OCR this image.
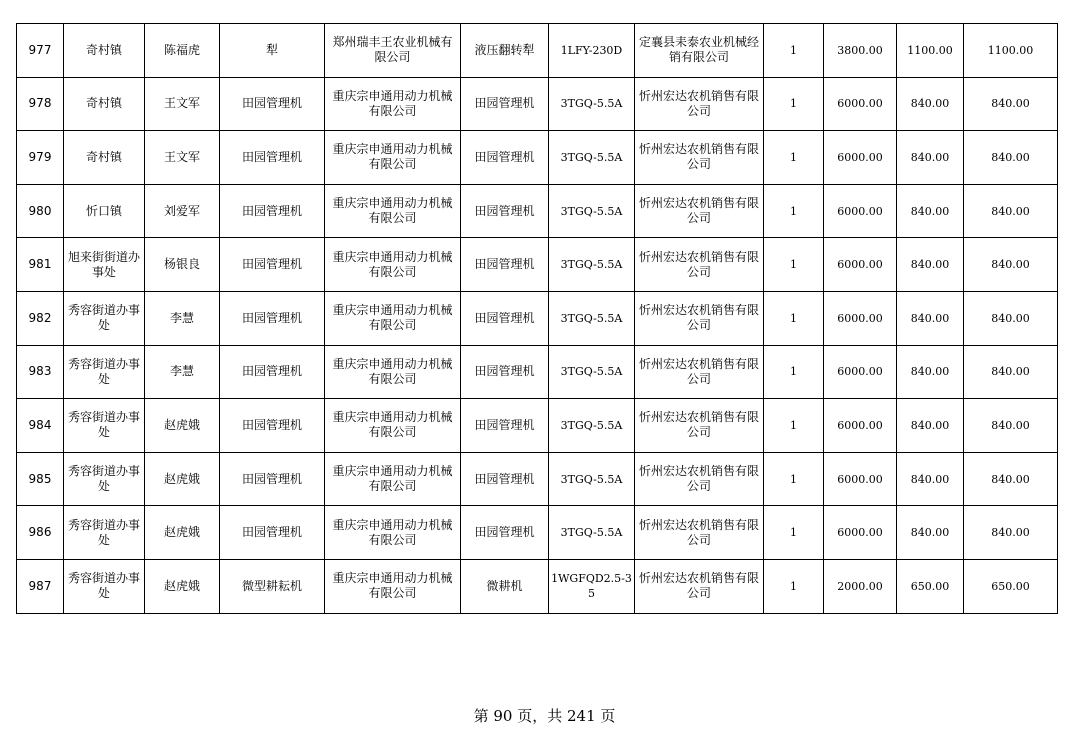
977	奇村镇	陈福虎	犁	郑州瑞丰王农业机械有限公司	液压翻转犁	1LFY-230D	定襄县耒泰农业机械经销有限公司	1	3800.00	1100.00	1100.00
978	奇村镇	王文军	田园管理机	重庆宗申通用动力机械有限公司	田园管理机	3TGQ-5.5A	忻州宏达农机销售有限公司	1	6000.00	840.00	840.00
979	奇村镇	王文军	田园管理机	重庆宗申通用动力机械有限公司	田园管理机	3TGQ-5.5A	忻州宏达农机销售有限公司	1	6000.00	840.00	840.00
980	忻口镇	刘爱军	田园管理机	重庆宗申通用动力机械有限公司	田园管理机	3TGQ-5.5A	忻州宏达农机销售有限公司	1	6000.00	840.00	840.00
981	旭来街街道办事处	杨银良	田园管理机	重庆宗申通用动力机械有限公司	田园管理机	3TGQ-5.5A	忻州宏达农机销售有限公司	1	6000.00	840.00	840.00
982	秀容街道办事处	李慧	田园管理机	重庆宗申通用动力机械有限公司	田园管理机	3TGQ-5.5A	忻州宏达农机销售有限公司	1	6000.00	840.00	840.00
983	秀容街道办事处	李慧	田园管理机	重庆宗申通用动力机械有限公司	田园管理机	3TGQ-5.5A	忻州宏达农机销售有限公司	1	6000.00	840.00	840.00
984	秀容街道办事处	赵虎娥	田园管理机	重庆宗申通用动力机械有限公司	田园管理机	3TGQ-5.5A	忻州宏达农机销售有限公司	1	6000.00	840.00	840.00
985	秀容街道办事处	赵虎娥	田园管理机	重庆宗申通用动力机械有限公司	田园管理机	3TGQ-5.5A	忻州宏达农机销售有限公司	1	6000.00	840.00	840.00
986	秀容街道办事处	赵虎娥	田园管理机	重庆宗申通用动力机械有限公司	田园管理机	3TGQ-5.5A	忻州宏达农机销售有限公司	1	6000.00	840.00	840.00
987	秀容街道办事处	赵虎娥	微型耕耘机	重庆宗申通用动力机械有限公司	微耕机	1WGFQD2.5-35	忻州宏达农机销售有限公司	1	2000.00	650.00	650.00
第 90 页，共 241 页
